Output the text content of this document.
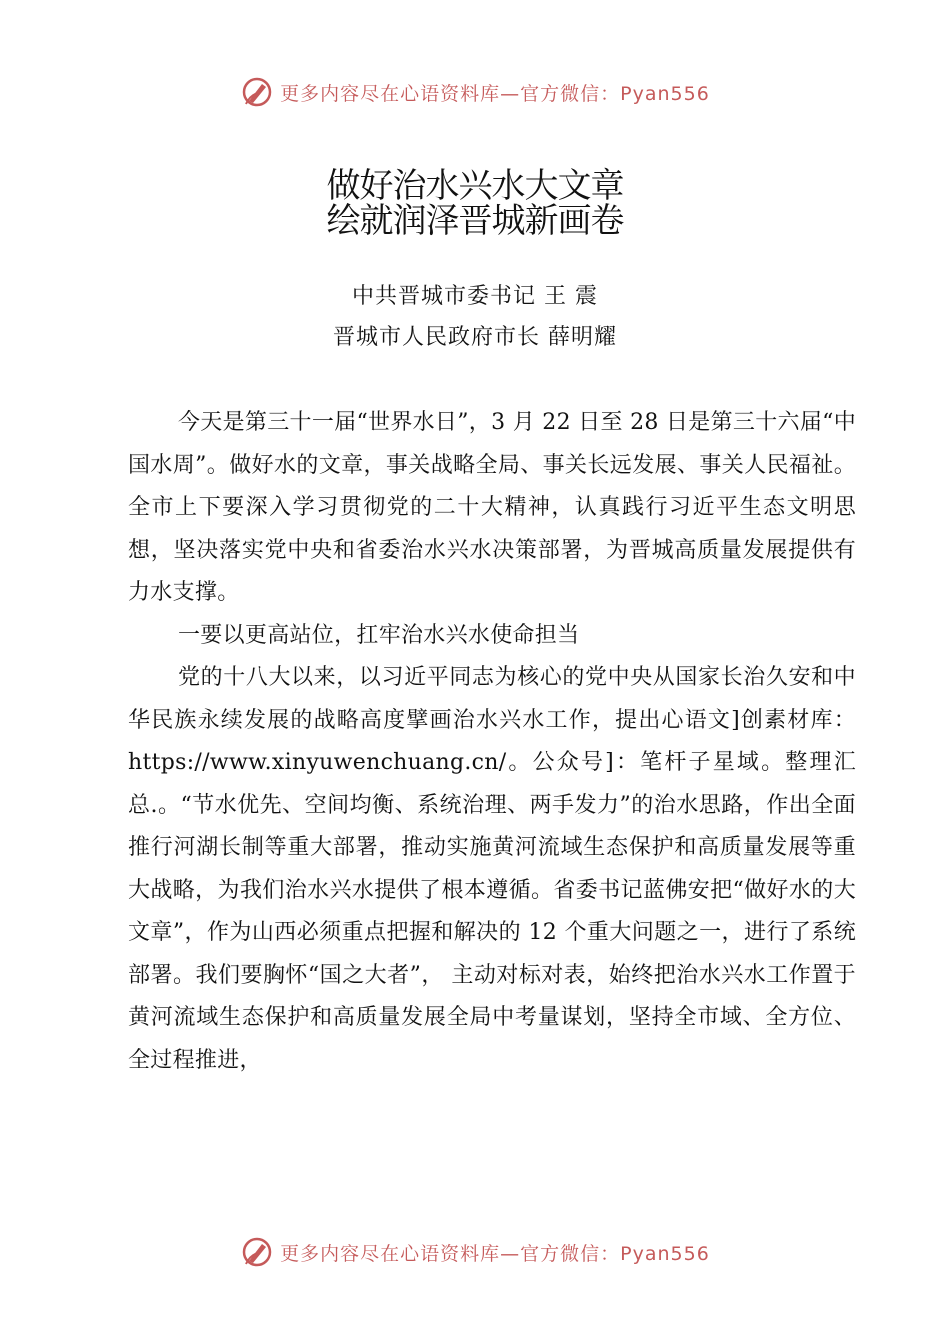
更多内容尽在心语资料库—官方微信：Pyan556
做好治水兴水大文章
绘就润泽晋城新画卷
中共晋城市委书记 王 震
晋城市人民政府市长 薛明耀

今天是第三十一届“世界水日”，3 月 22 日至 28 日是第三十六届“中国水周”。做好水的文章，事关战略全局、事关长远发展、事关人民福祉。全市上下要深入学习贯彻党的二十大精神，认真践行习近平生态文明思想，坚决落实党中央和省委治水兴水决策部署，为晋城高质量发展提供有力水支撑。

一要以更高站位，扛牢治水兴水使命担当

党的十八大以来，以习近平同志为核心的党中央从国家长治久安和中华民族永续发展的战略高度擘画治水兴水工作，提出心语文]创素材库：https://www.xinyuwenchuang.cn/。公众号]：笔杆子星域。整理汇总.。“节水优先、空间均衡、系统治理、两手发力”的治水思路，作出全面推行河湖长制等重大部署，推动实施黄河流域生态保护和高质量发展等重大战略，为我们治水兴水提供了根本遵循。省委书记蓝佛安把“做好水的大文章”，作为山西必须重点把握和解决的 12 个重大问题之一，进行了系统部署。我们要胸怀“国之大者”， 主动对标对表，始终把治水兴水工作置于黄河流域生态保护和高质量发展全局中考量谋划，坚持全市域、全方位、全过程推进，

更多内容尽在心语资料库—官方微信：Pyan556
